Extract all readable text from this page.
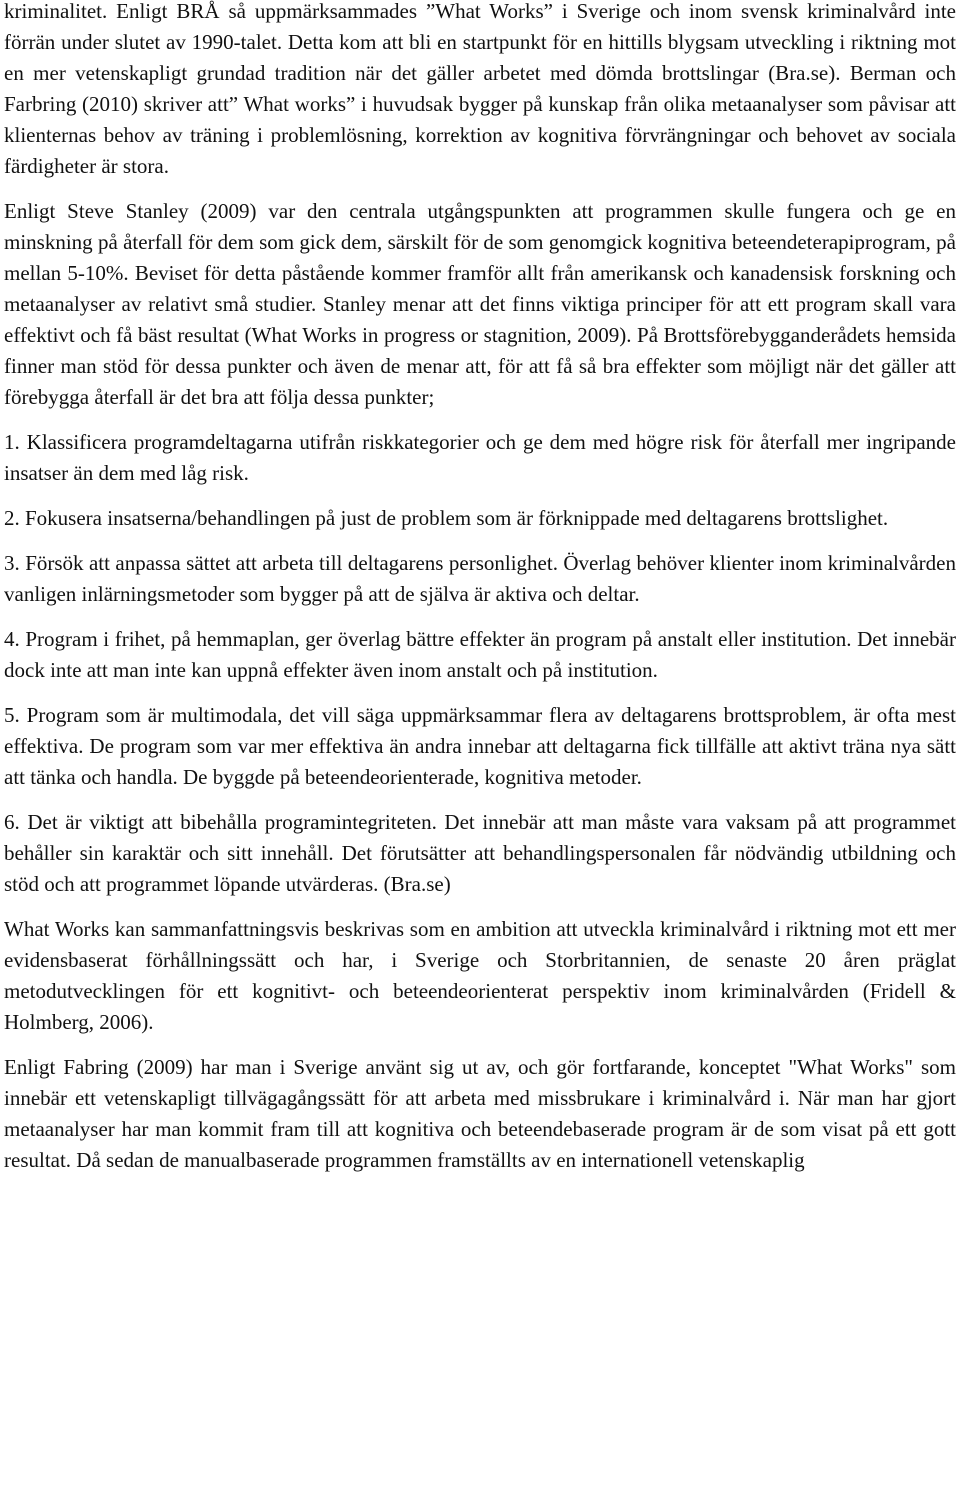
kriminalitet. Enligt BRÅ så uppmärksammades ”What Works” i Sverige och inom svensk kriminalvård inte förrän under slutet av 1990-talet. Detta kom att bli en startpunkt för en hittills blygsam utveckling i riktning mot en mer vetenskapligt grundad tradition när det gäller arbetet med dömda brottslingar (Bra.se). Berman och Farbring (2010) skriver att” What works” i huvudsak bygger på kunskap från olika metaanalyser som påvisar att klienternas behov av träning i problemlösning, korrektion av kognitiva förvrängningar och behovet av sociala färdigheter är stora.

Enligt Steve Stanley (2009) var den centrala utgångspunkten att programmen skulle fungera och ge en minskning på återfall för dem som gick dem, särskilt för de som genomgick kognitiva beteendeterapiprogram, på mellan 5-10%. Beviset för detta påstående kommer framför allt från amerikansk och kanadensisk forskning och metaanalyser av relativt små studier. Stanley menar att det finns viktiga principer för att ett program skall vara effektivt och få bäst resultat (What Works in progress or stagnition, 2009). På Brottsförebygganderådets hemsida finner man stöd för dessa punkter och även de menar att, för att få så bra effekter som möjligt när det gäller att förebygga återfall är det bra att följa dessa punkter;

1. Klassificera programdeltagarna utifrån riskkategorier och ge dem med högre risk för återfall mer ingripande insatser än dem med låg risk.

2. Fokusera insatserna/behandlingen på just de problem som är förknippade med deltagarens brottslighet.

3. Försök att anpassa sättet att arbeta till deltagarens personlighet. Överlag behöver klienter inom kriminalvården vanligen inlärningsmetoder som bygger på att de själva är aktiva och deltar.

4. Program i frihet, på hemmaplan, ger överlag bättre effekter än program på anstalt eller institution. Det innebär dock inte att man inte kan uppnå effekter även inom anstalt och på institution.

5. Program som är multimodala, det vill säga uppmärksammar flera av deltagarens brottsproblem, är ofta mest effektiva. De program som var mer effektiva än andra innebar att deltagarna fick tillfälle att aktivt träna nya sätt att tänka och handla. De byggde på beteendeorienterade, kognitiva metoder.

6. Det är viktigt att bibehålla programintegriteten. Det innebär att man måste vara vaksam på att programmet behåller sin karaktär och sitt innehåll. Det förutsätter att behandlingspersonalen får nödvändig utbildning och stöd och att programmet löpande utvärderas. (Bra.se)

What Works kan sammanfattningsvis beskrivas som en ambition att utveckla kriminalvård i riktning mot ett mer evidensbaserat förhållningssätt och har, i Sverige och Storbritannien, de senaste 20 åren präglat metodutvecklingen för ett kognitivt- och beteendeorienterat perspektiv inom kriminalvården (Fridell & Holmberg, 2006).

Enligt Fabring (2009) har man i Sverige använt sig ut av, och gör fortfarande, konceptet "What Works" som innebär ett vetenskapligt tillvägagångssätt för att arbeta med missbrukare i kriminalvård i. När man har gjort metaanalyser har man kommit fram till att kognitiva och beteendebaserade program är de som visat på ett gott resultat. Då sedan de manualbaserade programmen framställts av en internationell vetenskaplig
